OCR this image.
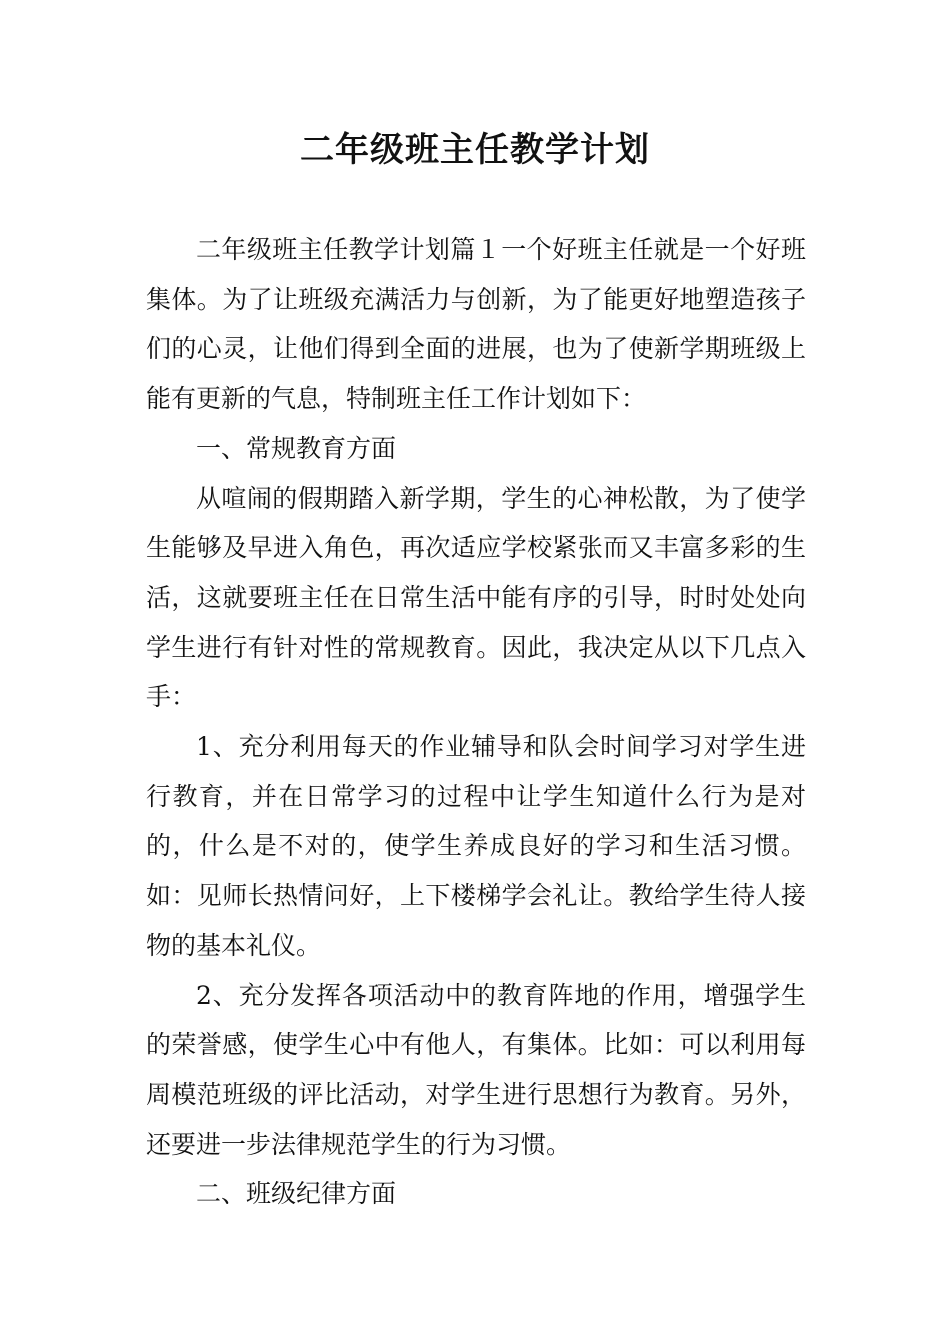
二年级班主任教学计划

二年级班主任教学计划篇１一个好班主任就是一个好班集体。为了让班级充满活力与创新，为了能更好地塑造孩子们的心灵，让他们得到全面的进展，也为了使新学期班级上能有更新的气息，特制班主任工作计划如下：

一、常规教育方面

从喧闹的假期踏入新学期，学生的心神松散，为了使学生能够及早进入角色，再次适应学校紧张而又丰富多彩的生活，这就要班主任在日常生活中能有序的引导，时时处处向学生进行有针对性的常规教育。因此，我决定从以下几点入手：

1、充分利用每天的作业辅导和队会时间学习对学生进行教育，并在日常学习的过程中让学生知道什么行为是对的，什么是不对的，使学生养成良好的学习和生活习惯。如：见师长热情问好，上下楼梯学会礼让。教给学生待人接物的基本礼仪。

2、充分发挥各项活动中的教育阵地的作用，增强学生的荣誉感，使学生心中有他人，有集体。比如：可以利用每周模范班级的评比活动，对学生进行思想行为教育。另外，还要进一步法律规范学生的行为习惯。

二、班级纪律方面
